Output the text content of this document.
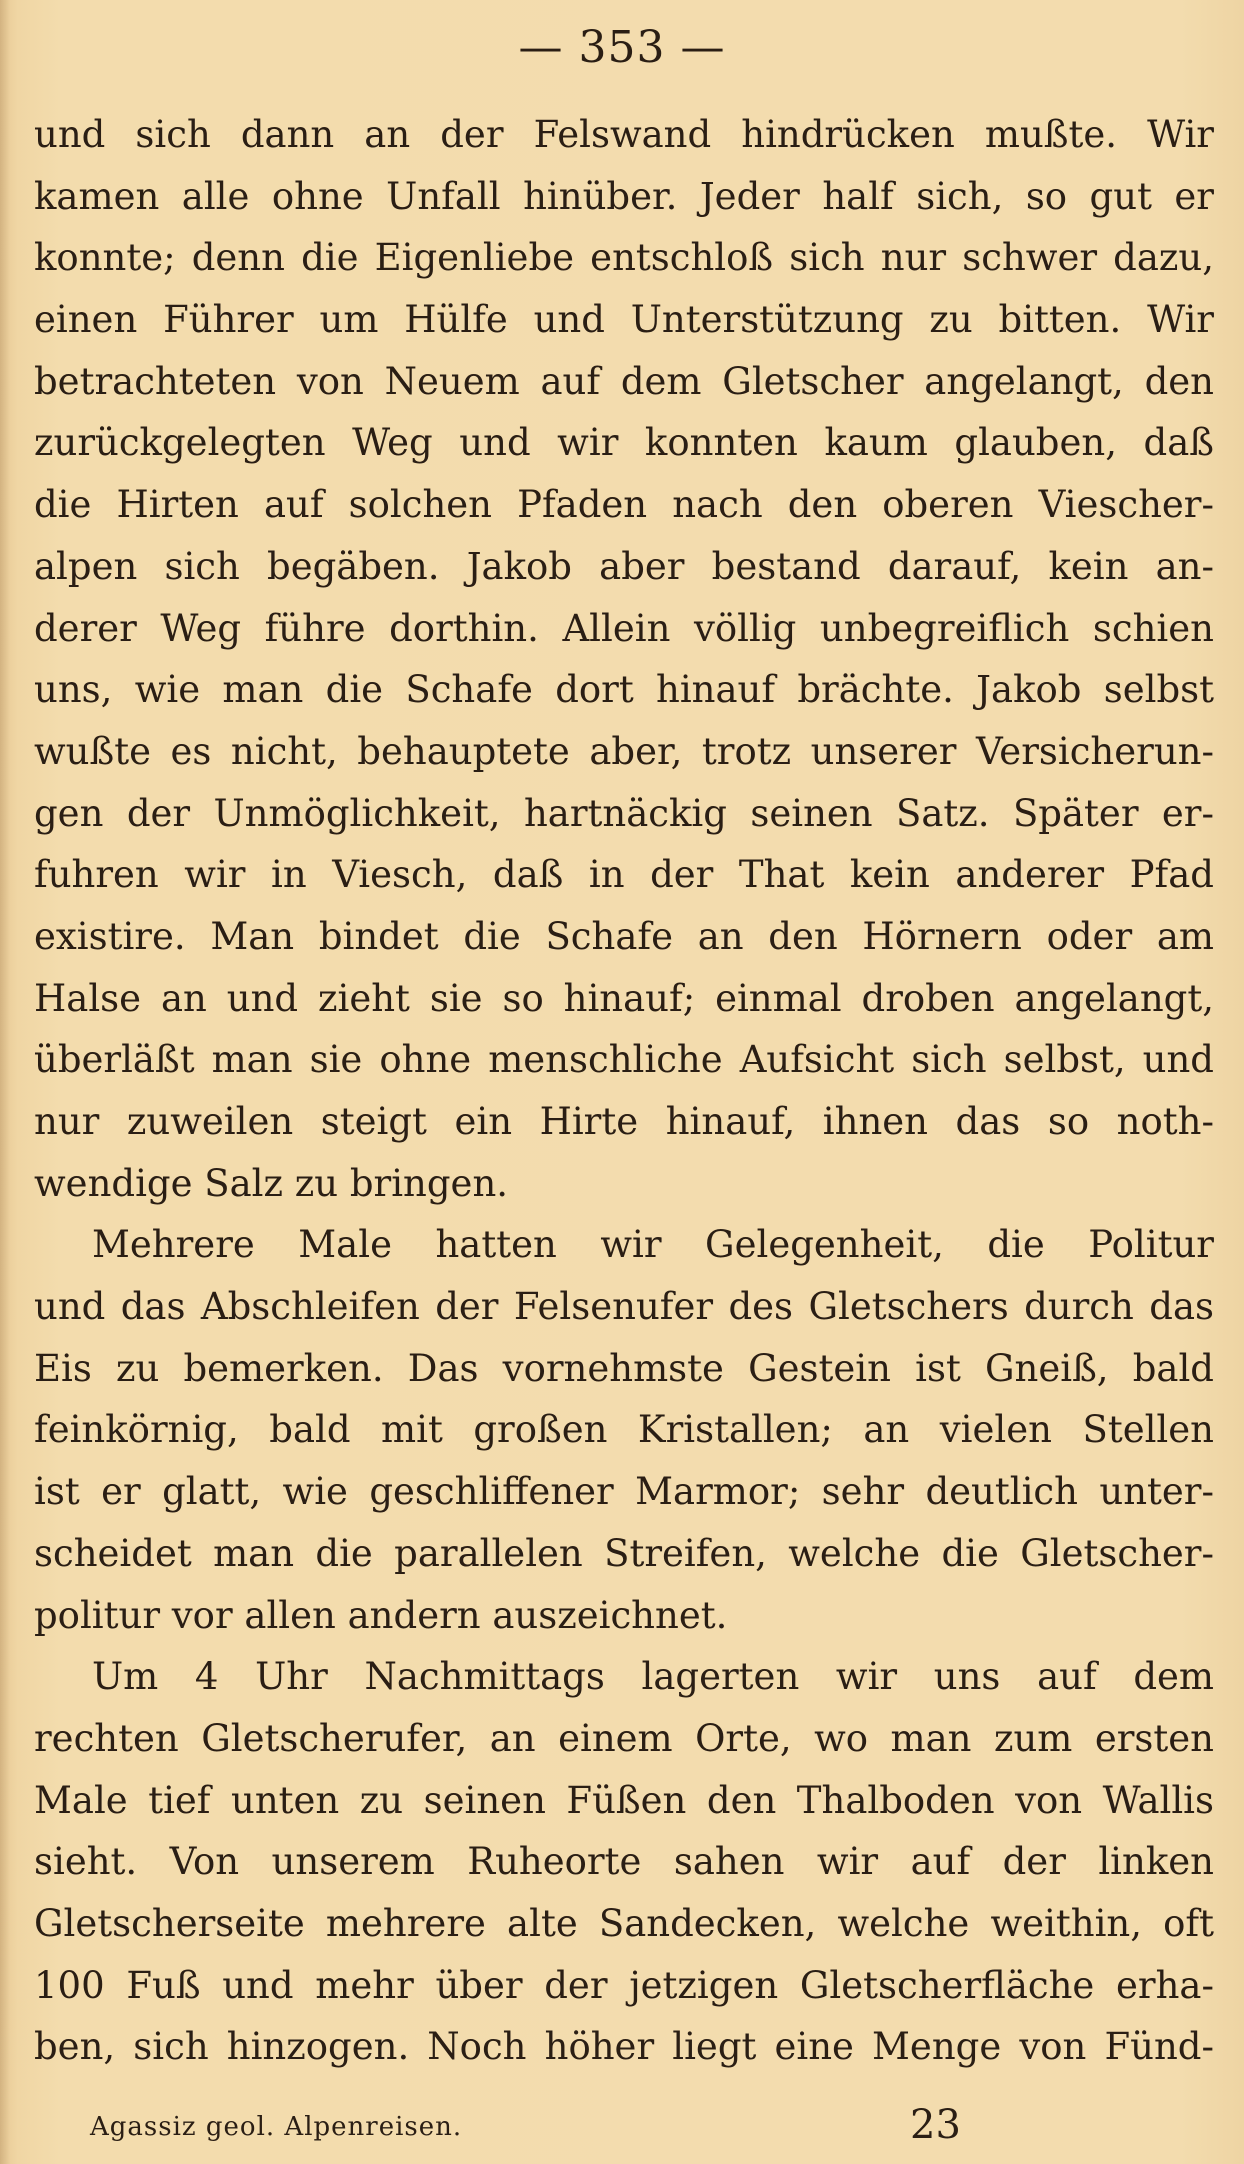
— 353 —
und sich dann an der Felswand hindrücken mußte. Wir
kamen alle ohne Unfall hinüber. Jeder half sich, so gut er
konnte; denn die Eigenliebe entschloß sich nur schwer dazu,
einen Führer um Hülfe und Unterstützung zu bitten. Wir
betrachteten von Neuem auf dem Gletscher angelangt, den
zurückgelegten Weg und wir konnten kaum glauben, daß
die Hirten auf solchen Pfaden nach den oberen Viescher-
alpen sich begäben. Jakob aber bestand darauf, kein an-
derer Weg führe dorthin. Allein völlig unbegreiflich schien
uns, wie man die Schafe dort hinauf brächte. Jakob selbst
wußte es nicht, behauptete aber, trotz unserer Versicherun-
gen der Unmöglichkeit, hartnäckig seinen Satz. Später er-
fuhren wir in Viesch, daß in der That kein anderer Pfad
existire. Man bindet die Schafe an den Hörnern oder am
Halse an und zieht sie so hinauf; einmal droben angelangt,
überläßt man sie ohne menschliche Aufsicht sich selbst, und
nur zuweilen steigt ein Hirte hinauf, ihnen das so noth-
wendige Salz zu bringen.
Mehrere Male hatten wir Gelegenheit, die Politur
und das Abschleifen der Felsenufer des Gletschers durch das
Eis zu bemerken. Das vornehmste Gestein ist Gneiß, bald
feinkörnig, bald mit großen Kristallen; an vielen Stellen
ist er glatt, wie geschliffener Marmor; sehr deutlich unter-
scheidet man die parallelen Streifen, welche die Gletscher-
politur vor allen andern auszeichnet.
Um 4 Uhr Nachmittags lagerten wir uns auf dem
rechten Gletscherufer, an einem Orte, wo man zum ersten
Male tief unten zu seinen Füßen den Thalboden von Wallis
sieht. Von unserem Ruheorte sahen wir auf der linken
Gletscherseite mehrere alte Sandecken, welche weithin, oft
100 Fuß und mehr über der jetzigen Gletscherfläche erha-
ben, sich hinzogen. Noch höher liegt eine Menge von Fünd-
Agassiz geol. Alpenreisen.	23
